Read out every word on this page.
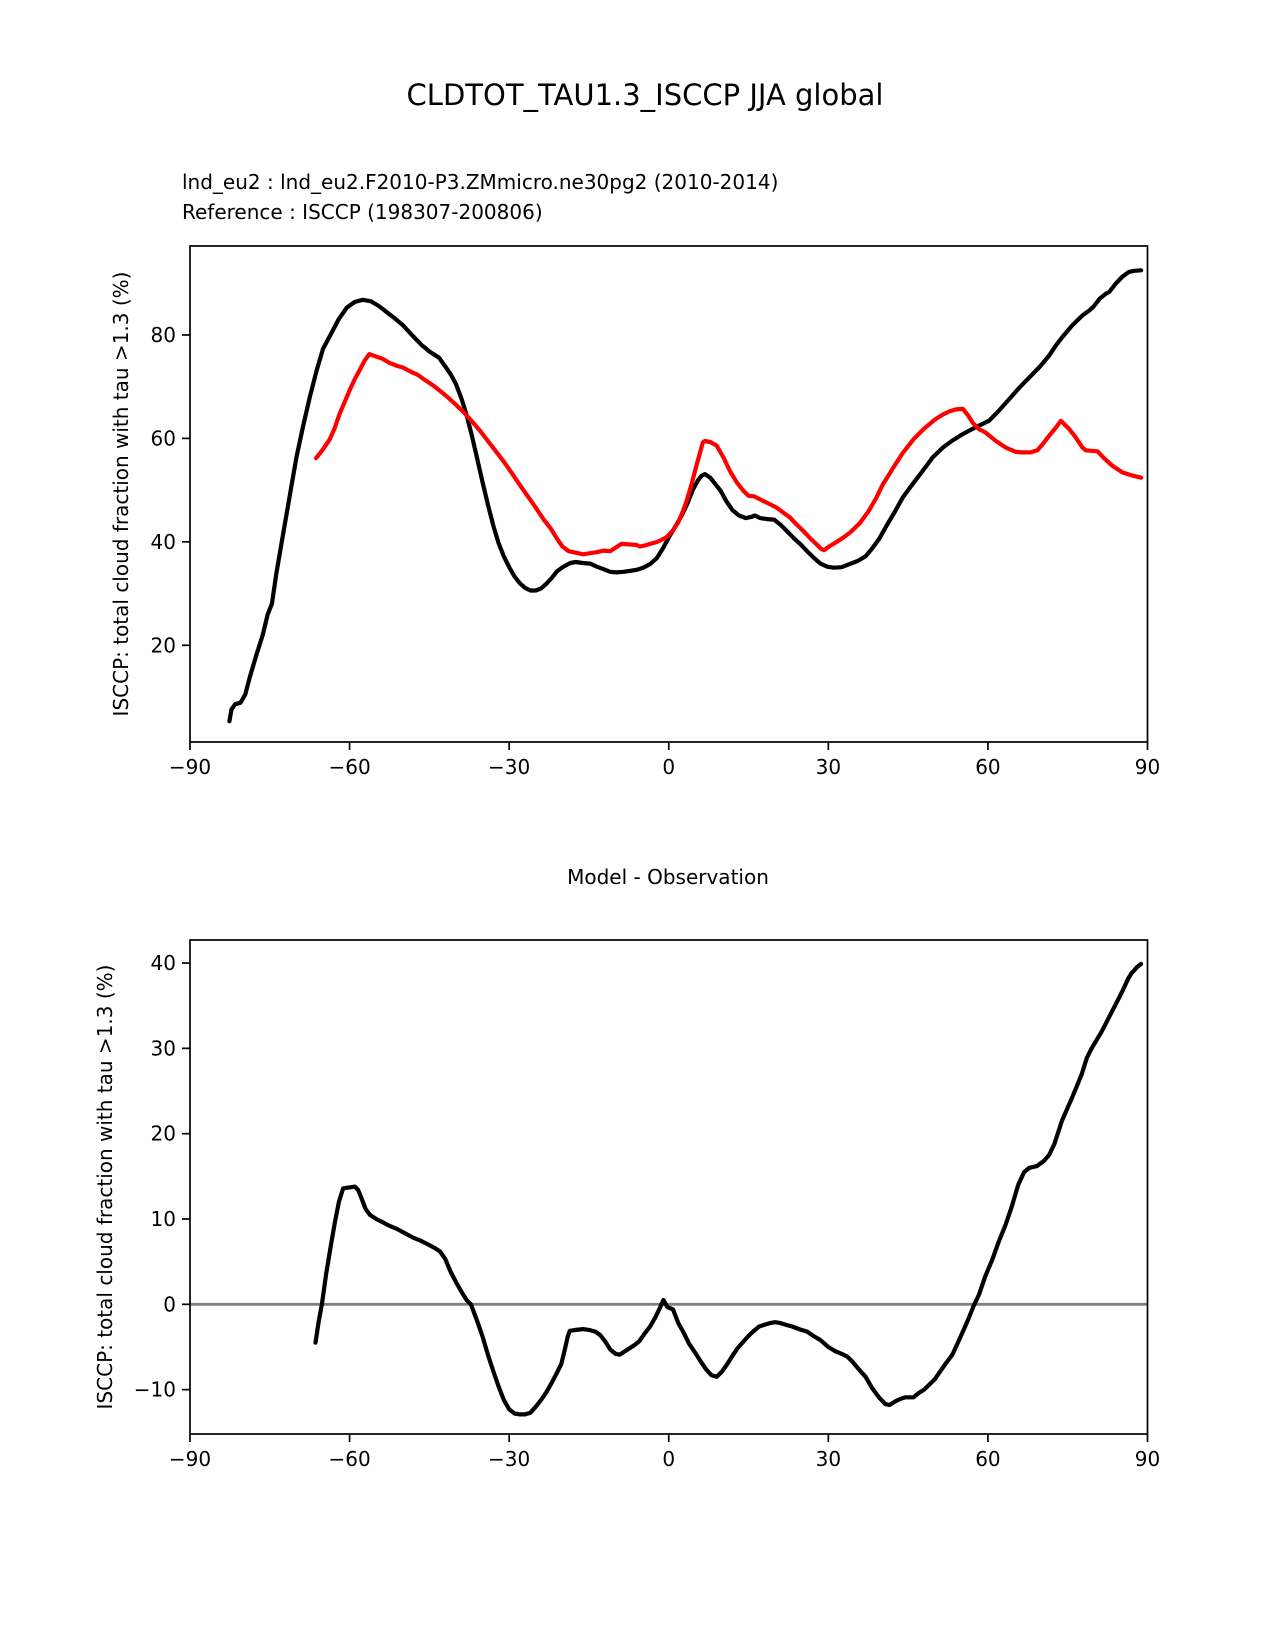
CLDTOT_TAU1.3_ISCCP JJA global
lnd_eu2 : lnd_eu2.F2010-P3.ZMmicro.ne30pg2 (2010-2014)
Reference : ISCCP (198307-200806)
ISCCP: total cloud fraction with tau >1.3 (%)
Model - Observation
ISCCP: total cloud fraction with tau >1.3 (%)
−90	−60	−30	0	30	60	90
20
40
60
80
−90	−60	−30	0	30	60	90
−10
0
10
20
30
40
